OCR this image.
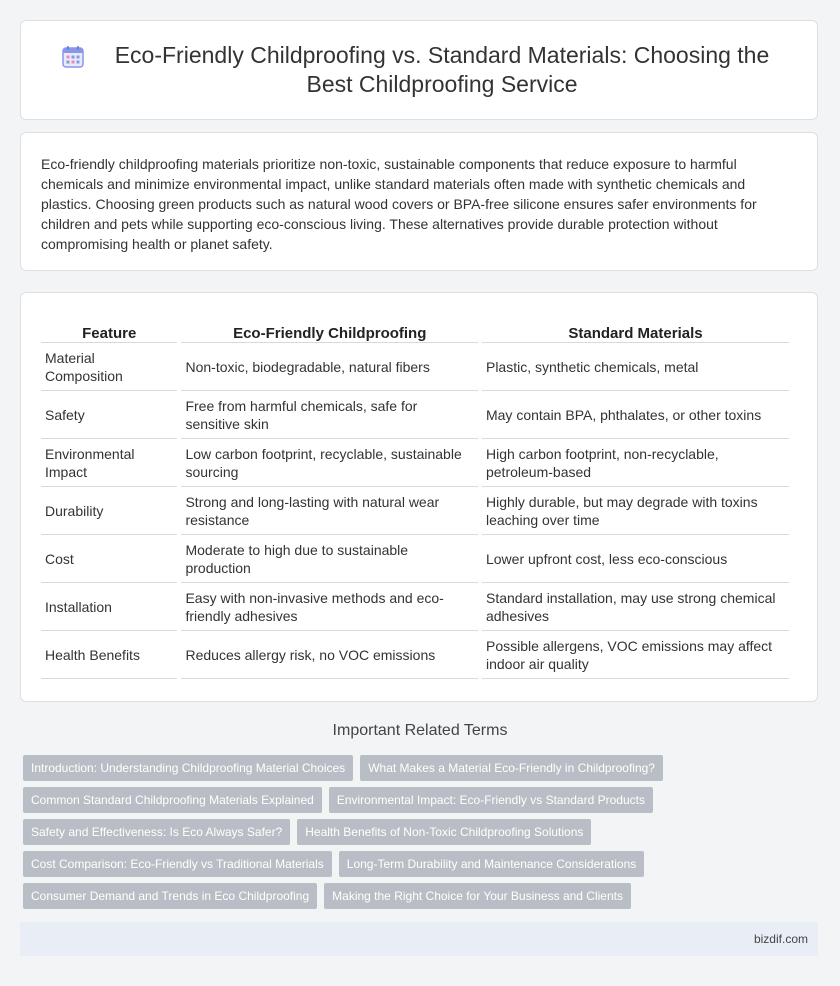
Eco-Friendly Childproofing vs. Standard Materials: Choosing the Best Childproofing Service

Eco-friendly childproofing materials prioritize non-toxic, sustainable components that reduce exposure to harmful chemicals and minimize environmental impact, unlike standard materials often made with synthetic chemicals and plastics. Choosing green products such as natural wood covers or BPA-free silicone ensures safer environments for children and pets while supporting eco-conscious living. These alternatives provide durable protection without compromising health or planet safety.

Feature	Eco-Friendly Childproofing	Standard Materials
Material Composition	Non-toxic, biodegradable, natural fibers	Plastic, synthetic chemicals, metal
Safety	Free from harmful chemicals, safe for sensitive skin	May contain BPA, phthalates, or other toxins
Environmental Impact	Low carbon footprint, recyclable, sustainable sourcing	High carbon footprint, non-recyclable, petroleum-based
Durability	Strong and long-lasting with natural wear resistance	Highly durable, but may degrade with toxins leaching over time
Cost	Moderate to high due to sustainable production	Lower upfront cost, less eco-conscious
Installation	Easy with non-invasive methods and eco-friendly adhesives	Standard installation, may use strong chemical adhesives
Health Benefits	Reduces allergy risk, no VOC emissions	Possible allergens, VOC emissions may affect indoor air quality
Important Related Terms
Introduction: Understanding Childproofing Material Choices	What Makes a Material Eco-Friendly in Childproofing?
Common Standard Childproofing Materials Explained	Environmental Impact: Eco-Friendly vs Standard Products
Safety and Effectiveness: Is Eco Always Safer?	Health Benefits of Non-Toxic Childproofing Solutions
Cost Comparison: Eco-Friendly vs Traditional Materials	Long-Term Durability and Maintenance Considerations
Consumer Demand and Trends in Eco Childproofing	Making the Right Choice for Your Business and Clients
bizdif.com
